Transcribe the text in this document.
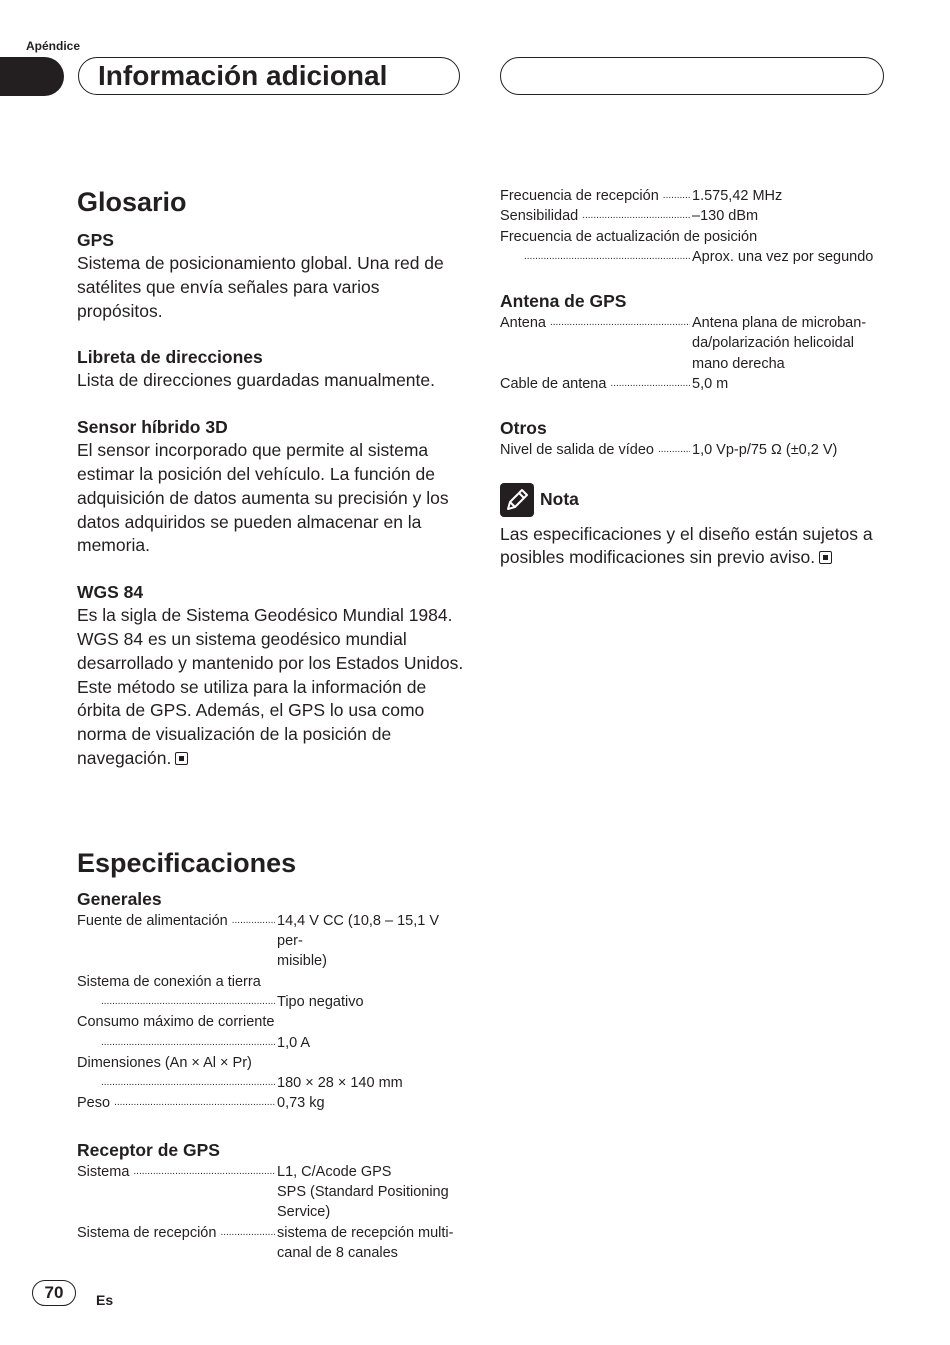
Apéndice
Información adicional
Glosario
GPS

Sistema de posicionamiento global. Una red de satélites que envía señales para varios propósitos.

Libreta de direcciones

Lista de direcciones guardadas manualmente.

Sensor híbrido 3D

El sensor incorporado que permite al sistema estimar la posición del vehículo. La función de adquisición de datos aumenta su precisión y los datos adquiridos se pueden almacenar en la memoria.

WGS 84

Es la sigla de Sistema Geodésico Mundial 1984. WGS 84 es un sistema geodésico mundial desarrollado y mantenido por los Estados Unidos. Este método se utiliza para la información de órbita de GPS. Además, el GPS lo usa como norma de visualización de la posición de navegación.

Especificaciones
Generales
Fuente de alimentación .....	14,4 V CC (10,8 – 15,1 V per-
misible)
Sistema de conexión a tierra
.....
Tipo negativo
Consumo máximo de corriente
.....
1,0 A
Dimensiones (An × Al × Pr)
.....
180 × 28 × 140 mm
Peso .....	0,73 kg
Receptor de GPS
Sistema .....	L1, C/Acode GPS
SPS (Standard Positioning
Service)
Sistema de recepción .....	sistema de recepción multi-
canal de 8 canales
Frecuencia de recepción ..... 1.575,42 MHz
Sensibilidad .....	–130 dBm
Frecuencia de actualización de posición
.....
Aprox. una vez por segundo
Antena de GPS
Antena .....	Antena plana de microban-
da/polarización helicoidal
mano derecha
Cable de antena .....	5,0 m
Otros
Nivel de salida de vídeo .....	1,0 Vp-p/75 Ω (±0,2 V)
Nota

Las especificaciones y el diseño están sujetos a posibles modificaciones sin previo aviso.

70	Es
